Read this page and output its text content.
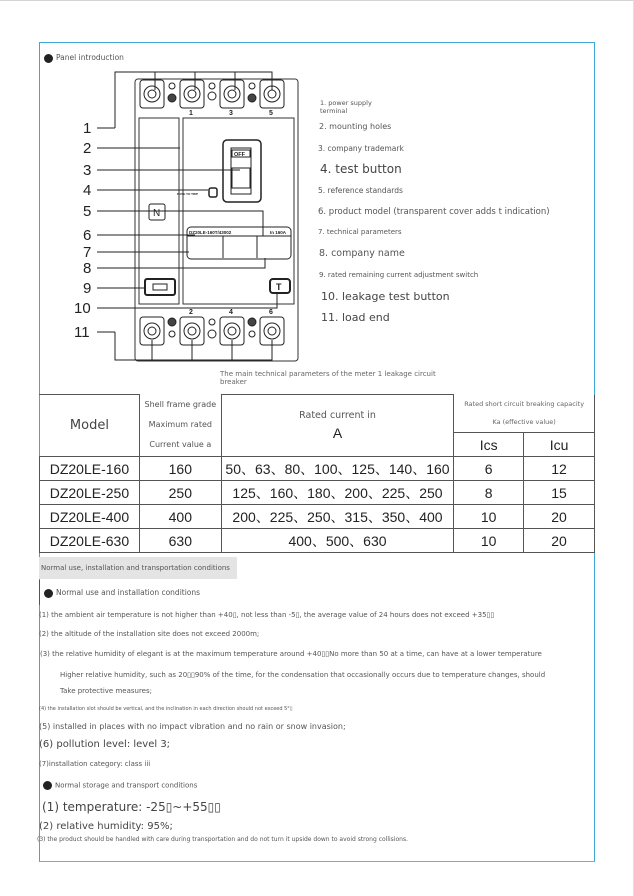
Panel introduction
1	3	5
2	4	6
OFF
PUSH TO TRIP
N
T
DZ20LE-160T/43002	In 160A
1
2
3
4
5
6
7
8
9
10
11
1. power supply terminal
2. mounting holes
3. company trademark
4. test button
5. reference standards
6. product model (transparent cover adds t indication)
7. technical parameters
8. company name
9. rated remaining current adjustment switch
10. leakage test button
11. load end
The main technical parameters of the meter 1 leakage circuit breaker
Model	
Shell frame grade
Maximum rated
Current value a

Rated current in
A

Rated short circuit breaking capacity
Ka (effective value)

			Ics	Icu
DZ20LE-160	160	50、63、80、100、125、140、160	6	12
DZ20LE-250	250	125、160、180、200、225、250	8	15
DZ20LE-400	400	200、225、250、315、350、400	10	20
DZ20LE-630	630	400、500、630	10	20
Normal use, installation and transportation conditions
Normal use and installation conditions
(1) the ambient air temperature is not higher than +40▯, not less than -5▯, the average value of 24 hours does not exceed +35▯▯
(2) the altitude of the installation site does not exceed 2000m;
(3) the relative humidity of elegant is at the maximum temperature around +40▯▯No more than 50 at a time, can have at a lower temperature
Higher relative humidity, such as 20▯▯90% of the time, for the condensation that occasionally occurs due to temperature changes, should
Take protective measures;
(4) the installation slot should be vertical, and the inclination in each direction should not exceed 5°▯
(5) installed in places with no impact vibration and no rain or snow invasion;
(6) pollution level: level 3;
(7)installation category: class iii
Normal storage and transport conditions
(1) temperature: -25▯~+55▯▯
(2) relative humidity: 95%;
(3) the product should be handled with care during transportation and do not turn it upside down to avoid strong collisions.
